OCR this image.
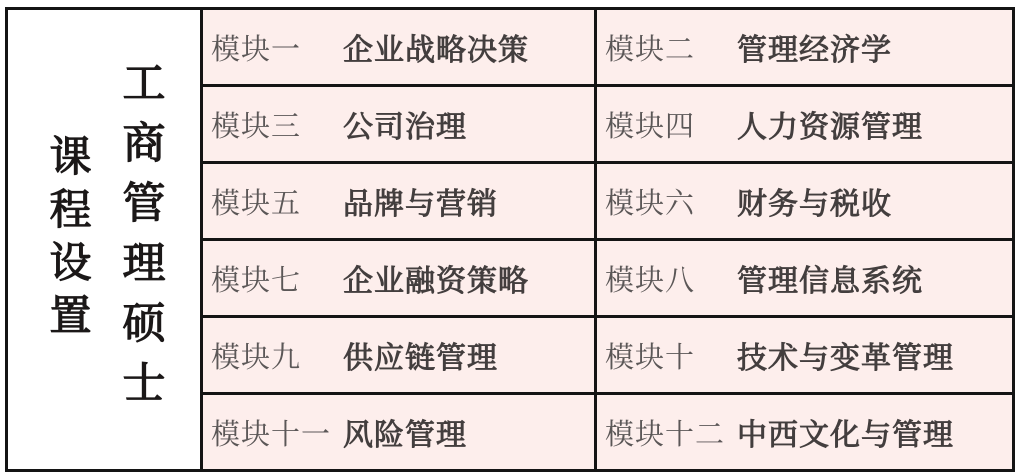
课程设置 工商管理硕士

模块一	企业战略决策	模块二	管理经济学

	模块三 公司治理	模块四 人力资源管理

	模块五 品牌与营销	模块六 财务与税收

	模块七 企业融资策略	模块八 管理信息系统

	模块九 供应链管理	模块十 技术与变革管理

	模块十一 风险管理	模块十二 中西文化与管理
